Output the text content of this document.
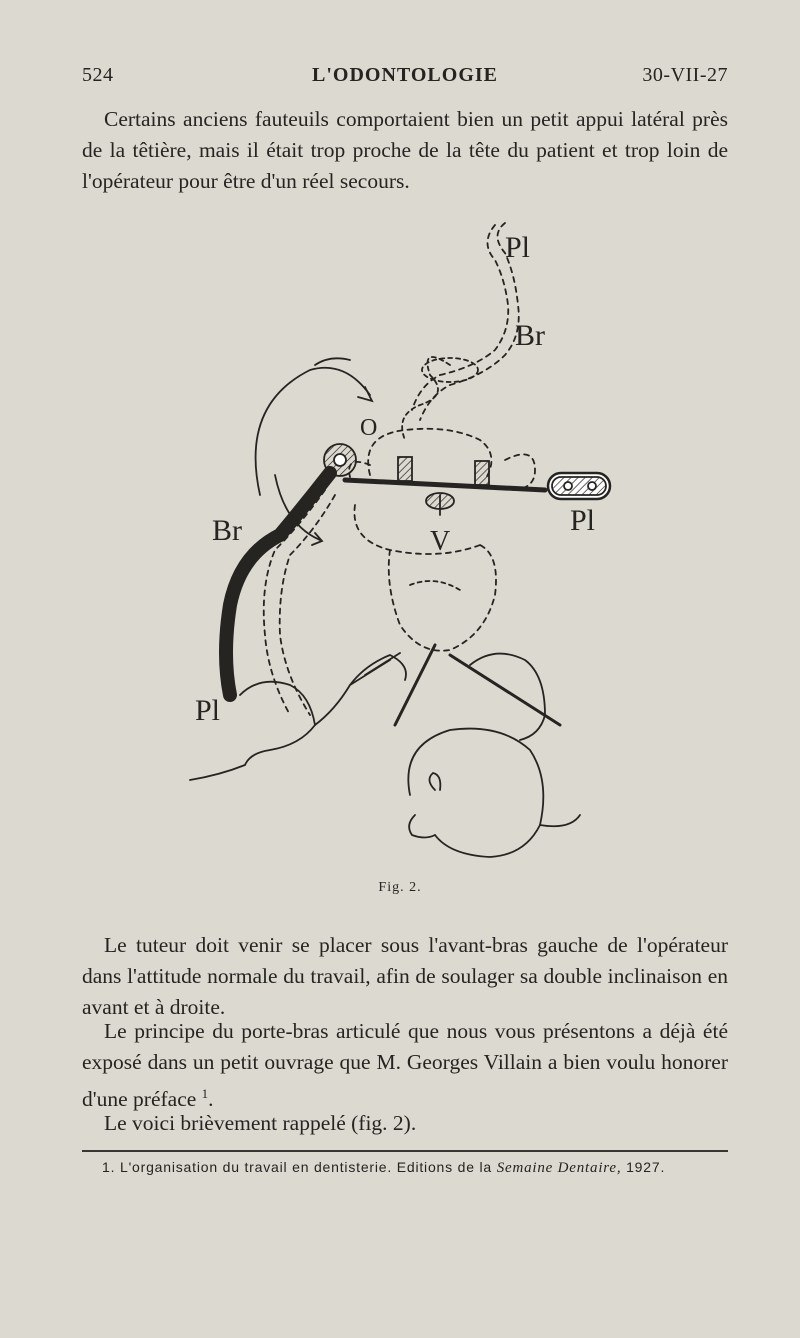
524	L'ODONTOLOGIE	30-VII-27
Certains anciens fauteuils comportaient bien un petit appui latéral près de la têtière, mais il était trop proche de la tête du patient et trop loin de l'opérateur pour être d'un réel secours.
Pl
Br
O
Br	Pl
V
Pl
Fig. 2.
Le tuteur doit venir se placer sous l'avant-bras gauche de l'opérateur dans l'attitude normale du travail, afin de soulager sa double inclinaison en avant et à droite.
Le principe du porte-bras articulé que nous vous présentons a déjà été exposé dans un petit ouvrage que M. Georges Villain a bien voulu honorer d'une préface $^1$.
Le voici brièvement rappelé (fig. 2).
1. L'organisation du travail en dentisterie. Editions de la Semaine Dentaire, 1927.
